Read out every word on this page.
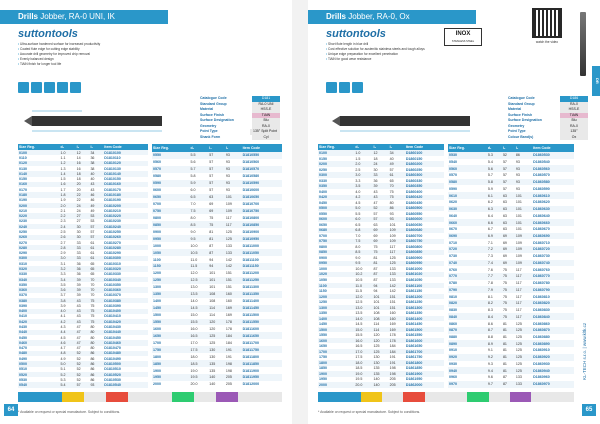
Drills Jobber, RA-0 UNI, IK
suttontools
• Ultra-surface hardened surface for increased productivity
• Coated flute edge for cutting edge stability
• Accurate drill geometry for improved chip removal
• Evenly balanced design
• TiAlN finish for longer tool life
Catalogue Code	D181
Standard Group	RA-0 UNI
Material	HSS-E
Surface Finish	TiAlN
Surface Designation	Blu
Geometry	RA-0
Point Type	135° Split Point
Shank Form	Cyl
Size Reg.	d₁	l₂	l₁	Item Code
0100	1.0	12	34	D1810100
0110	1.1	14	36	D1810110
0120	1.2	16	38	D1810120
0130	1.3	16	38	D1810130
0140	1.4	18	40	D1810140
0150	1.5	18	40	D1810150
0160	1.6	20	43	D1810160
0170	1.7	20	43	D1810170
0180	1.8	22	46	D1810180
0190	1.9	22	46	D1810190
0200	2.0	24	49	D1810200
0210	2.1	24	49	D1810210
0220	2.2	27	53	D1810220
0230	2.3	27	53	D1810230
0240	2.4	30	57	D1810240
0250	2.5	30	57	D1810250
0260	2.6	30	57	D1810260
0270	2.7	33	61	D1810270
0280	2.8	33	61	D1810280
0290	2.9	33	61	D1810290
0300	3.0	33	61	D1810300
0310	3.1	36	65	D1810310
0320	3.2	36	65	D1810320
0330	3.3	36	65	D1810330
0340	3.4	39	70	D1810340
0350	3.5	39	70	D1810350
0360	3.6	39	70	D1810360
0370	3.7	39	70	D1810370
0380	3.8	43	75	D1810380
0390	3.9	43	75	D1810390
0400	4.0	43	75	D1810400
0410	4.1	43	75	D1810410
0420	4.2	43	75	D1810420
0430	4.3	47	80	D1810430
0440	4.4	47	80	D1810440
0450	4.5	47	80	D1810450
0460	4.6	47	80	D1810460
0470	4.7	47	80	D1810470
0480	4.8	52	86	D1810480
0490	4.9	52	86	D1810490
0500	5.0	52	86	D1810500
0510	5.1	52	86	D1810510
0520	5.2	52	86	D1810520
0530	5.3	52	86	D1810530
0540	5.4	57	93	D1810540
Size Reg.	d₁	l₂	l₁	Item Code
0550	5.5	57	93	D1810550
0560	5.6	57	93	D1810560
0570	5.7	57	93	D1810570
0580	5.8	57	93	D1810580
0590	5.9	57	93	D1810590
0600	6.0	57	93	D1810600
0650	6.5	63	101	D1810650
0700	7.0	69	109	D1810700
0750	7.5	69	109	D1810750
0800	8.0	75	117	D1810800
0850	8.5	75	117	D1810850
0900	9.0	81	125	D1810900
0950	9.5	81	125	D1810950
1000	10.0	87	133	D1811000
1050	10.5	87	133	D1811050
1100	11.0	94	142	D1811100
1150	11.5	94	142	D1811150
1200	12.0	101	151	D1811200
1250	12.5	101	151	D1811250
1300	13.0	101	151	D1811300
1350	13.5	108	160	D1811350
1400	14.0	108	160	D1811400
1450	14.5	114	169	D1811450
1500	15.0	114	169	D1811500
1550	15.5	120	178	D1811550
1600	16.0	120	178	D1811600
1650	16.5	125	184	D1811650
1700	17.0	125	184	D1811700
1750	17.5	130	191	D1811750
1800	18.0	130	191	D1811800
1850	18.5	135	198	D1811850
1900	19.0	135	198	D1811900
1950	19.5	140	205	D1811950
2000	20.0	140	205	D1812000
* Available on request or special manufacture. Subject to conditions.
64
Drills Jobber, RA-0, Ox
suttontools	INOX
STAINLESS STEEL	watch the video
• Short flute length in blue drill
• Cost effective solution for austenitic stainless steels and tough alloys
• Unique edge preparation for excellent penetration
• TiAlN for good wear resistance
Catalogue Code	D186
Standard Group	RA-0
Material	HSS-E
Surface Finish	TiAlN
Surface Designation	Blu
Geometry	RA-0
Point Type	135°
Colour Band(s)	Ox
Size Reg.	d₁	l₂	l₁	Item Code
0100	1.0	12	34	D1860100
0150	1.5	18	40	D1860150
0200	2.0	24	49	D1860200
0250	2.5	30	57	D1860250
0300	3.0	33	61	D1860300
0330	3.3	36	65	D1860330
0350	3.5	39	70	D1860350
0400	4.0	43	75	D1860400
0420	4.2	43	75	D1860420
0450	4.5	47	80	D1860450
0500	5.0	52	86	D1860500
0550	5.5	57	93	D1860550
0600	6.0	57	93	D1860600
0650	6.5	63	101	D1860650
0680	6.8	69	109	D1860680
0700	7.0	69	109	D1860700
0750	7.5	69	109	D1860750
0800	8.0	75	117	D1860800
0850	8.5	75	117	D1860850
0900	9.0	81	125	D1860900
0950	9.5	81	125	D1860950
1000	10.0	87	133	D1861000
1020	10.2	87	133	D1861020
1050	10.5	87	133	D1861050
1100	11.0	94	142	D1861100
1150	11.5	94	142	D1861150
1200	12.0	101	151	D1861200
1250	12.5	101	151	D1861250
1300	13.0	101	151	D1861300
1350	13.5	108	160	D1861350
1400	14.0	108	160	D1861400
1450	14.5	114	169	D1861450
1500	15.0	114	169	D1861500
1550	15.5	120	178	D1861550
1600	16.0	120	178	D1861600
1650	16.5	125	184	D1861650
1700	17.0	125	184	D1861700
1750	17.5	130	191	D1861750
1800	18.0	130	191	D1861800
1850	18.5	135	198	D1861850
1900	19.0	135	198	D1861900
1950	19.5	140	205	D1861950
2000	20.0	140	205	D1862000
Size Reg.	d₁	l₂	l₁	Item Code
0530	5.3	52	86	D1860530
0540	5.4	57	93	D1860540
0560	5.6	57	93	D1860560
0570	5.7	57	93	D1860570
0580	5.8	57	93	D1860580
0590	5.9	57	93	D1860590
0610	6.1	63	101	D1860610
0620	6.2	63	101	D1860620
0630	6.3	63	101	D1860630
0640	6.4	63	101	D1860640
0660	6.6	63	101	D1860660
0670	6.7	63	101	D1860670
0690	6.9	69	109	D1860690
0710	7.1	69	109	D1860710
0720	7.2	69	109	D1860720
0730	7.3	69	109	D1860730
0740	7.4	69	109	D1860740
0760	7.6	75	117	D1860760
0770	7.7	75	117	D1860770
0780	7.8	75	117	D1860780
0790	7.9	75	117	D1860790
0810	8.1	75	117	D1860810
0820	8.2	75	117	D1860820
0830	8.3	75	117	D1860830
0840	8.4	75	117	D1860840
0860	8.6	81	125	D1860860
0870	8.7	81	125	D1860870
0880	8.8	81	125	D1860880
0890	8.9	81	125	D1860890
0910	9.1	81	125	D1860910
0920	9.2	81	125	D1860920
0930	9.3	81	125	D1860930
0940	9.4	81	125	D1860940
0960	9.6	87	133	D1860960
0970	9.7	87	133	D1860970
* Available on request or special manufacture. Subject to conditions.	65
DR
KL-TECH s.r.o. | www.kltk.cz
